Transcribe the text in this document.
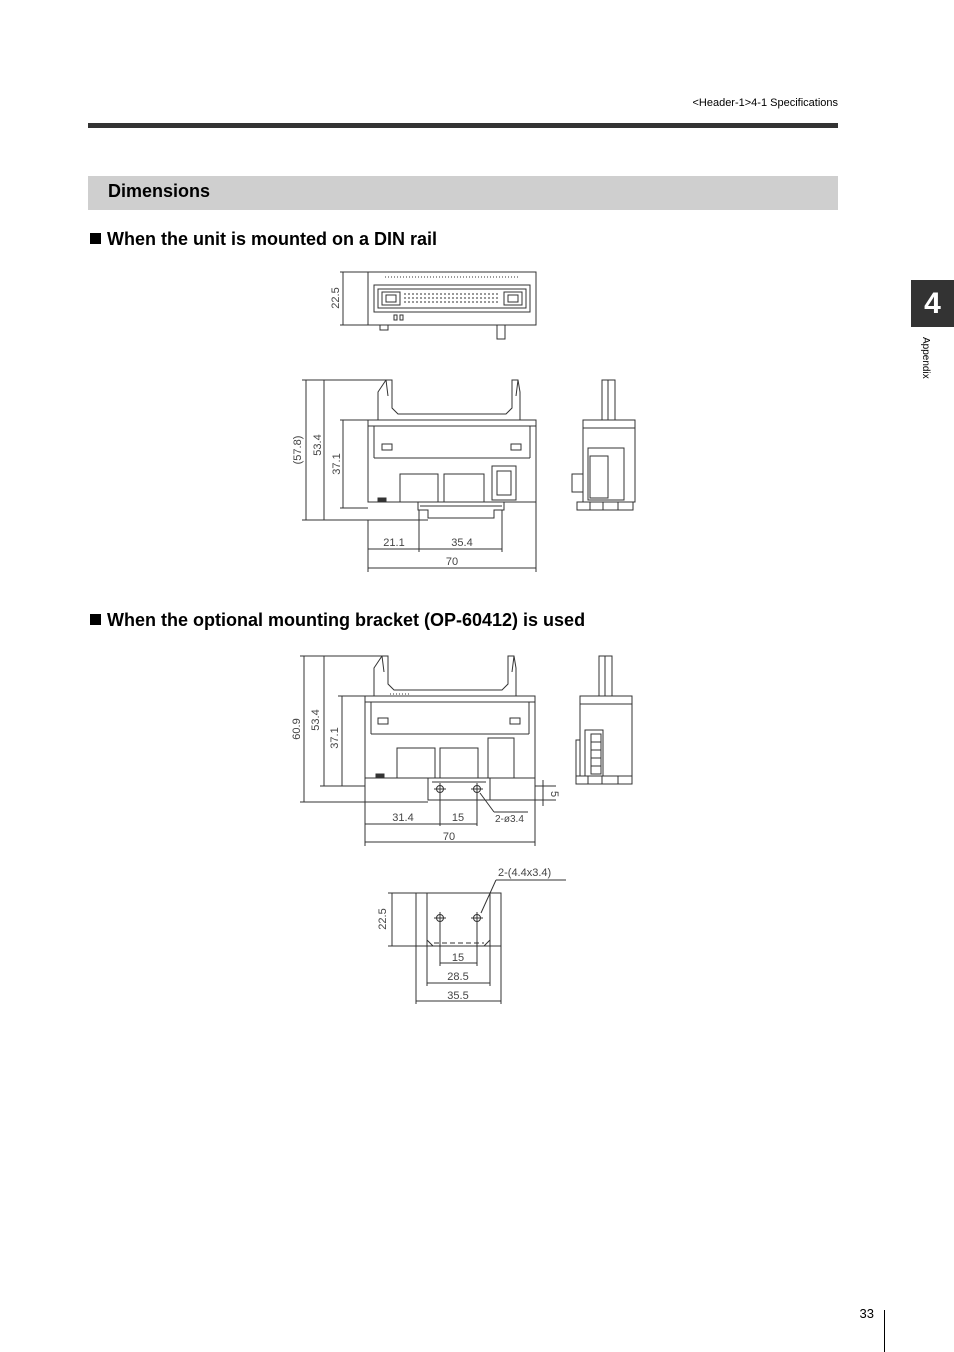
<Header-1>4-1 Specifications
Dimensions
When the unit is mounted on a DIN rail
When the optional mounting bracket (OP-60412) is used
4
Appendix
22.5
(57.8) 53.4
37.1
21.1	35.4
70
60.9 53.4
37.1
5
31.4	15	2-ø3.4
70
2-(4.4x3.4)
22.5
15
28.5
35.5
33
